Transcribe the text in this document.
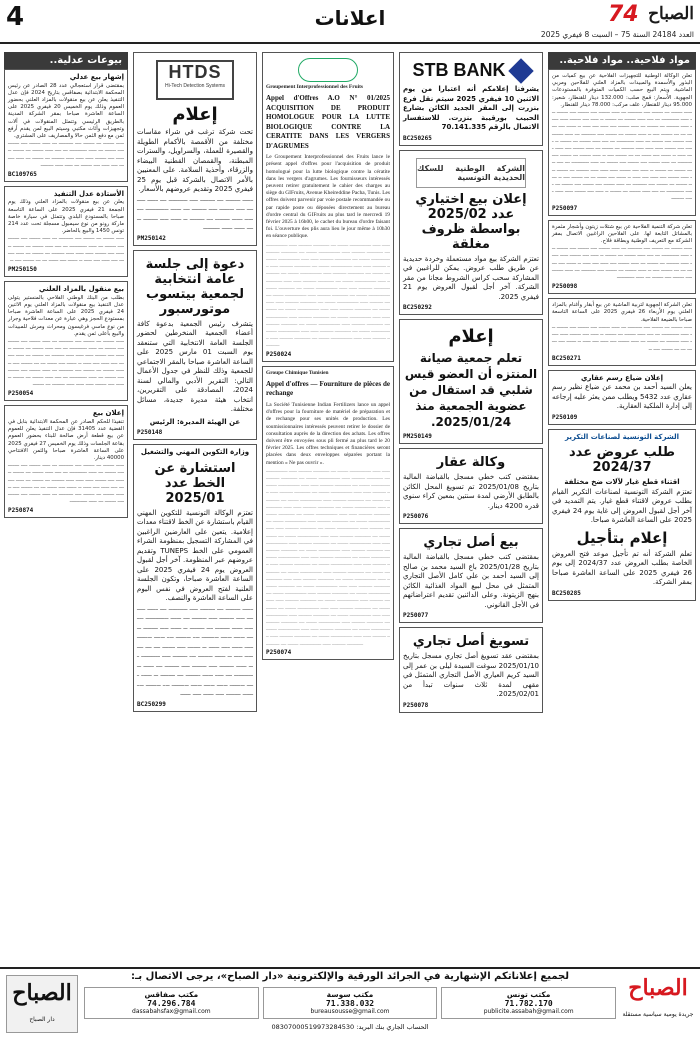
4	اعلانات	74 الصباح
العدد 24184 السنة 75 – السبت 8 فيفري 2025
بيوعات عدلية..
إشهار بيع عدلي
بمقتضى قرار استعجالي عدد 28 الصادر عن رئيس المحكمة الابتدائية بصفاقس بتاريخ 2024 فإن عدل التنفيذ يعلن عن بيع منقولات بالمزاد العلني بحضور العموم وذلك يوم الخميس 20 فيفري 2025 على الساعة العاشرة صباحا بمقر الشركة المدينة بالطريق الرئيسي وتتمثل المنقولات في آلات وتجهيزات وأثاث مكتبي وسيتم البيع لمن يقدم أرفع ثمن مع دفع الثمن حالا والمصاريف على المشتري.
ـــــ ـــــــ ـــ ـــــــ ــــ ـــــــــ ـــ ـــــ ـــــــ ــــ ـــــــ ــــ ـــــــ ـــ ـــــ ـــــــــــ ـــ ــــ ـــــ ـــــــ ـــ ـــــــ ــ ـــــ ــــ ـــــــ ـــــ ـــــ ـــــ ــــــــ ـــ ـــــــ ـــ ـــــ ـــــــ ــــ ـــــ ــــ ـــــــ ـــ ـــــ ـــــ ــــــــ
BC109765
الأستاذة عدل التنفيذ
يعلن عن بيع منقولات بالمزاد العلني وذلك يوم الجمعة 21 فيفري 2025 على الساعة التاسعة صباحا بالمستودع البلدي وتتمثل في سيارة خاصة ماركة رونو من نوع سيمبول مسجلة تحت عدد 214 تونس 1450 والبيع بالحاضر.
ـــــ ـــــــ ـــ ـــــــ ــــ ـــــــــ ـــ ـــــ ـــــــ ــــ ـــــــ ــــ ـــــــ ـــ ـــــ ـــــــــــ ـــ ــــ ـــــ ـــــــ ـــ ـــــــ ــ ـــــ ــــ ـــــــ ـــــ ـــــ ـــــ ــــــــ ـــ ـــــــ ـــ ـــــ ـــــــ ــــ ـــــ ــــ ـــــ ــ ــــــ ــــ ــــــ ـــ ـــ ـــــــ ــــ ــ
PM250150
بيع منقول بالمزاد العلني
بطلب من البنك الوطني الفلاحي بالمنستير يتولى عدل التنفيذ بيع منقولات بالمزاد العلني يوم الاثنين 24 فيفري 2025 على الساعة العاشرة صباحا بمستودع الحجز وهي عبارة عن معدات فلاحية وجرار من نوع ماسي فرغيسون ومحراث ومرش للمبيدات والبيع بأعلى ثمن يقدم.
ـــــ ـــــــ ـــ ـــــــ ــــ ـــــــــ ـــ ـــــ ـــــــ ــــ ـــــــ ــــ ـــــــ ـــ ـــــ ـــــــــــ ـــ ــــ ـــــ ـــــــ ـــ ـــــــ ــ ـــــ ــــ ـــــــ ـــــ ـــــ ـــــ ــــــــ ـــ ـــــــ ـــ ـــــ ـــــــ ــــ ـــــ ــــ ـــــ ــ ــــــ ــــ ــــــ ـــ ـــ ـــــــ ــــ ــ ـــــ ـــــــ ـــ ـــــــ ــــ ـــــــــ ـــ ـــــ ـــــــ ــــ ـــــــ ــــ ـــــــ ـــ ـــــ ـــــــــــ ـــ ــــ ـــــ ـــــــ ـــ ـــــــ ــ ـــــ ــــ ـــــــ ـــــ ـــــ ـــــ ــــــــ ـــ ـــــــ
P250054
إعلان بيع
تنفيذا للحكم الصادر عن المحكمة الابتدائية بنابل في القضية عدد 31405 فإن عدل التنفيذ يعلن للعموم عن بيع قطعة أرض صالحة للبناء بحضور العموم بقاعة الجلسات وذلك يوم الخميس 27 فيفري 2025 على الساعة العاشرة صباحا والثمن الافتتاحي 40000 دينار.
ـــــ ـــــــ ـــ ـــــــ ــــ ـــــــــ ـــ ـــــ ـــــــ ــــ ـــــــ ــــ ـــــــ ـــ ـــــ ـــــــــــ ـــ ــــ ـــــ ـــــــ ـــ ـــــــ ــ ـــــ ــــ ـــــــ ـــــ ـــــ ـــــ ــــــــ ـــ ـــــــ ـــ ـــــ ـــــــ ــــ ـــــ ــــ ـــــ ــ ــــــ ــــ ــــــ ـــ ـــ ـــــــ ــــ ــ ـــــ ـــــــ ـــ ـــــــ ــــ ـــــــــ ـــ ـــــ ـــــــ ــــ ـــــــ ــــ ـــــــ ـــ ـــــ ـــــــــــ
P250874
HTDS
Hi-Tech Detection Systems
إعلام
تحت شركة ترغب في شراء مقاسات مختلفة من الأقمصة بالأكمام الطويلة والقصيرة للعملة، والسراويل، والسترات المبطنة، والقمصان القطنية البيضاء والزرقاء، وأحذية السلامة. على المعنيين بالأمر الاتصال بالشركة قبل يوم 25 فيفري 2025 وتقديم عروضهم بالأسعار.
ـــــ ـــــــ ـــ ـــــــ ــــ ـــــــــ ـــ ـــــ ـــــــ ــــ ـــــــ ــــ ـــــــ ـــ ـــــ ـــــــــــ ـــ ــــ ـــــ ـــــــ ـــ ـــــــ ــ ـــــ ــــ ـــــــ ـــــ ـــــ ـــــ ــــــــ
PM250142
دعوة إلى جلسة عامة انتخابية لجمعية بيتسوب موتورسبور
يتشرف رئيس الجمعية بدعوة كافة أعضاء الجمعية المنخرطين لحضور الجلسة العامة الانتخابية التي ستنعقد يوم السبت 01 مارس 2025 على الساعة العاشرة صباحا بالمقر الاجتماعي للجمعية وذلك للنظر في جدول الأعمال التالي: التقرير الأدبي والمالي لسنة 2024، المصادقة على التقريرين، انتخاب هيئة مديرة جديدة، مسائل مختلفة.
عن الهيئة المديرة: الرئيس
P250148
وزارة التكوين المهني والتشغيل
استشارة عن الخط عدد 2025/01
تعتزم الوكالة التونسية للتكوين المهني القيام باستشارة عن الخط لاقتناء معدات إعلامية. يتعين على العارضين الراغبين في المشاركة التسجيل بمنظومة الشراء العمومي على الخط TUNEPS وتقديم عروضهم عبر المنظومة. آخر أجل لقبول العروض يوم 24 فيفري 2025 على الساعة العاشرة صباحا، وتكون الجلسة العلنية لفتح العروض في نفس اليوم على الساعة العاشرة والنصف.
ـــــ ـــــــ ـــ ـــــــ ــــ ـــــــــ ـــ ـــــ ـــــــ ــــ ـــــــ ــــ ـــــــ ـــ ـــــ ـــــــــــ ـــ ــــ ـــــ ـــــــ ـــ ـــــــ ــ ـــــ ــــ ـــــــ ـــــ ـــــ ـــــ ــــــــ ـــ ـــــــ ـــ ـــــ ـــــــ ــــ ـــــ ــــ ـــــ ــ ــــــ ــــ ــــــ ـــ ـــ ـــــــ ــــ ــ ـــــ ـــــــ ـــ ـــــــ ــــ ـــــــــ ـــ ـــــ ـــــــ ــــ ـــــــ ــــ ـــــــ ـــ ـــــ ـــــــــــ ـــ ــــ ـــــ ـــــــ ـــ ـــــــ ــ ـــــ ــــ ـــــــ ـــــ ـــــ ـــــ ــــــــ ـــ ـــــــ ـــ ـــــ ـــــــ ــــ ـــــ ــــ ـــــ
BC250299
Groupement Interprofessionnel des Fruits
Appel d'Offres A.O N° 01/2025 ACQUISITION DE PRODUIT HOMOLOGUE POUR LA LUTTE BIOLOGIQUE CONTRE LA CERATITE DANS LES VERGERS D'AGRUMES
Le Groupement Interprofessionnel des Fruits lance le présent appel d'offres pour l'acquisition de produit homologué pour la lutte biologique contre la cératite dans les vergers d'agrumes. Les fournisseurs intéressés peuvent retirer gratuitement le cahier des charges au siège du GIFruits, Avenue Kheireddine Pacha, Tunis. Les offres doivent parvenir par voie postale recommandée ou par rapide poste ou déposées directement au bureau d'ordre central du GIFruits au plus tard le mercredi 19 février 2025 à 16h00, le cachet du bureau d'ordre faisant foi. L'ouverture des plis aura lieu le jour même à 10h30 en séance publique.
________ ___ _____ ______ __ ____ ________ ___ ___ _____ ______ __ ____ ________ ___ _____ ______ __ ____ ________ ___ ___ _____ ______ __ ____ ________ ___ _____ ______ __ ____ ________ ___ ___ _____ ______ __ ____ ________ ___ _____ ______ __ ____ ________ ___ ___ _____ ______ __ ____ ________ ___ _____ ______ __ ____ ________ ___ ___ _____ ______ __ ____ ________ ___ _____ ______ __ ____ ________ ___ ___ _____ ______ __ ____ ________ ___ _____ ______ __ ____ ________ ___ ___ _____ ______ __ ____ ________ ___ _____ ______ __ ____ ________ ___ ___ _____ ______ __ ____ ________ ___ _____ ______ __ ____ ________ ___ ___ _____ ______ __ ____ ________ ___ _____ ______ __ ____ ________ ___ ___ _____ ______
P250024
Groupe Chimique Tunisien
Appel d'offres — Fourniture de pièces de rechange
La Société Tunisienne Indian Fertilizers lance un appel d'offres pour la fourniture de matériel de préparation et de rechange pour ses unités de production. Les soumissionnaires intéressés peuvent retirer le dossier de consultation auprès de la direction des achats. Les offres doivent être envoyées sous pli fermé au plus tard le 20 février 2025. Les offres techniques et financières seront placées dans deux enveloppes séparées portant la mention « Ne pas ouvrir ».
________ ___ _____ ______ __ ____ ________ ___ ___ _____ ______ __ ____ ________ ___ _____ ______ __ ____ ________ ___ ___ _____ ______ __ ____ ________ ___ _____ ______ __ ____ ________ ___ ___ _____ ______ __ ____ ________ ___ _____ ______ __ ____ ________ ___ ___ _____ ______ __ ____ ________ ___ _____ ______ __ ____ ________ ___ ___ _____ ______ __ ____ ________ ___ _____ ______ __ ____ ________ ___ ___ _____ ______ __ ____ ________ ___ _____ ______ __ ____ ________ ___ ___ _____ ______ __ ____ ________ ___ _____ ______ __ ____ ________ ___ ___ _____ ______ __ ____ ________ ___ _____ ______ __ ____ ________ ___ ___ _____ ______ __ ____ ________ ___ _____ ______ __ ____ ________ ___ ___ _____ ______ __ ____ ________ ___ _____ ______ __ ____ ________ ___ ___ _____ ______ __ ____ ________ ___ _____ ______ __ ____ ________ ___ ___ _____ ______ __ ____ ________ ___ _____ ______ __ ____ ________ ___ ___ _____ ______ __ ____ ________ ___ _____ ______ __ ____ ________ ___ ___ _____ ______ __ ____ ________ ___ _____ ______ __ ____ ________ ___ ___ _____ ______ __ ____ ________ ___ _____ ______ __ ____ ________ ___ ___ _____ ______ __ ____ ________ ___ _____ ______ __ ____ ________ ___ ___ _____ ______ __ ____ ________ ___ _____ ______
P250074
STB BANK
يشرفنا إعلامكم أنه اعتبارا من يوم الاثنين 10 فيفري 2025 سيتم نقل فرع بنزرت إلى المقر الجديد الكائن بشارع الحبيب بورقيبة بنزرت. للاستفسار الاتصال بالرقم 70.141.335
BC250265
الشركة الوطنية للسكك الحديدية التونسية
إعلان بيع اختياري عدد 2025/02 بواسطة ظروف مغلقة
تعتزم الشركة بيع مواد مستعملة وخردة حديدية عن طريق طلب عروض. يمكن للراغبين في المشاركة سحب كراس الشروط مجانا من مقر الشركة. آخر أجل لقبول العروض يوم 21 فيفري 2025.
BC250292
إعلام
تعلم جمعية صيانة المنتزه أن العضو قيس شلبي قد استقال من عضوية الجمعية منذ 2025/01/24.
PM250149
وكالة عقار
بمقتضى كتب خطي مسجل بالقباضة المالية بتاريخ 2025/01/08 تم تسويغ المحل الكائن بالطابق الأرضي لمدة سنتين بمعين كراء سنوي قدره 4200 دينار.
P250076
بيع أصل تجاري
بمقتضى كتب خطي مسجل بالقباضة المالية بتاريخ 2025/01/28 باع السيد محمد بن صالح إلى السيد أحمد بن علي كامل الأصل التجاري المتمثل في محل لبيع المواد الغذائية الكائن بنهج الزيتونة. وعلى الدائنين تقديم اعتراضاتهم في الأجل القانوني.
P250077
تسويغ أصل تجاري
بمقتضى عقد تسويغ أصل تجاري مسجل بتاريخ 2025/01/10 سوغت السيدة ليلى بن عمر إلى السيد كريم العياري الأصل التجاري المتمثل في مقهى لمدة ثلاث سنوات تبدأ من 2025/02/01.
P250078
مواد فلاحية.. مواد فلاحية..
تعلن الوكالة الوطنية للتجهيزات الفلاحية عن بيع كميات من البذور والأسمدة والمبيدات بالمزاد العلني للفلاحين ومربي الماشية. ويتم البيع حسب الكميات المتوفرة بالمستودعات الجهوية. الأسعار: قمح صلب: 132.000 دينار للقنطار، شعير: 95.000 دينار للقنطار، علف مركب: 78.000 دينار للقنطار.
ـــــ ـــــــ ـــ ـــــــ ــــ ـــــــــ ـــ ـــــ ـــــــ ــــ ـــــــ ــــ ـــــــ ـــ ـــــ ـــــــــــ ـــ ــــ ـــــ ـــــــ ـــ ـــــــ ــ ـــــ ــــ ـــــــ ـــــ ـــــ ـــــ ــــــــ ـــ ـــــــ ـــ ـــــ ـــــــ ــــ ـــــ ــــ ـــــ ــ ــــــ ــــ ــــــ ـــ ـــ ـــــــ ــــ ــ ـــــ ـــــــ ـــ ـــــــ ــــ ـــــــــ ـــ ـــــ ـــــــ ــــ ـــــــ ــــ ـــــــ ـــ ـــــ ـــــــــــ ـــ ــــ ـــــ ـــــــ ـــ ـــــــ ــ ـــــ ــــ ـــــــ ـــــ ـــــ ـــــ ــــــــ ـــ ـــــــ ـــ ـــــ ـــــــ ــــ ـــــ ــــ ـــــ ــ ــــــ ــــ ــــــ ـــ ـــ ـــــــ ــــ ــ ـــــ ـــــــ ـــ ـــــــ ــــ ـــــــــ ـــ ـــــ ـــــــ ــــ ـــــــ ــــ ـــــــ ـــ ـــــ ـــــــــــ ـــ ــــ ـــــ ـــــــ ـــ ـــــــ ــ ـــــ ــــ ـــــــ ـــــ ـــــ ـــــ ــــــــ ـــ ـــــــ ـــ ـــــ ـــــــ ــــ ـــــ ــــ ـــــ ــ ــــــ ــــ ــــــ ـــ ـــ ـــــــ ــــ ــ ـــــ ـــــــ ـــ ـــــــ ــــ ـــــــــ ـــ ـــــ ـــــــ ــــ ـــــــ ــــ ـــــــ ـــ ـــــ ـــــــــــ ـــ ــــ ـــــ ـــــــ ـــ ـــــــ ــ ـــــ ــــ ـــــــ ـــــ ـــــ ـــــ ــــــــ
P250097
تعلن شركة التنمية الفلاحية عن بيع شتلات زيتون وأشجار مثمرة بالمشاتل التابعة لها. على الفلاحين الراغبين الاتصال بمقر الشركة مع التعريف الوطنية وبطاقة فلاح.
ـــــ ـــــــ ـــ ـــــــ ــــ ـــــــــ ـــ ـــــ ـــــــ ــــ ـــــــ ــــ ـــــــ ـــ ـــــ ـــــــــــ ـــ ــــ ـــــ ـــــــ ـــ ـــــــ ــ ـــــ ــــ ـــــــ ـــــ ـــــ ـــــ ــــــــ ـــ ـــــــ ـــ ـــــ ـــــــ ــــ ـــــ ــــ ـــــ ــ ــــــ ــــ ــــــ ـــ ـــ ـــــــ ــــ ــ ـــــ ـــــــ ـــ ـــــــ ــــ ـــــــــ ـــ ـــــ ـــــــ ــــ ـــــــ ــــ ـــــــ ـــ ـــــ ـــــــــــ
P250098
تعلن الشركة الجهوية لتربية الماشية عن بيع أبقار وأغنام بالمزاد العلني يوم الأربعاء 26 فيفري 2025 على الساعة التاسعة صباحا بالضيعة الفلاحية.
ـــــ ـــــــ ـــ ـــــــ ــــ ـــــــــ ـــ ـــــ ـــــــ ــــ ـــــــ ــــ ـــــــ ـــ ـــــ ـــــــــــ ـــ ــــ ـــــ ـــــــ ـــ ـــــــ ــ ـــــ ــــ ـــــــ ـــــ ـــــ ـــــ ــــــــ ـــ ـــــــ ـــ ـــــ ـــــــ ــــ ـــــ ــــ ـــــ ــ ــــــ ــــ ــــــ ـــ ـــ ـــــــ ــــ ــ
BC250271
إعلان ضياع رسم عقاري
يعلن السيد أحمد بن محمد عن ضياع نظير رسم عقاري عدد 5432 ويطلب ممن يعثر عليه إرجاعه إلى إدارة الملكية العقارية.
P250109
الشركة التونسية لصناعات التكرير
طلب عروض عدد 2024/37
اقتناء قطع غيار لآلات ضخ مختلفة
تعتزم الشركة التونسية لصناعات التكرير القيام بطلب عروض لاقتناء قطع غيار. يتم التمديد في آخر أجل لقبول العروض إلى غاية يوم 24 فيفري 2025 على الساعة العاشرة صباحا.
إعلام بتأجيل
تعلم الشركة أنه تم تأجيل موعد فتح العروض الخاصة بطلب العروض عدد 2024/37 إلى يوم 26 فيفري 2025 على الساعة العاشرة صباحا بمقر الشركة.
BC250285
الصباح
دار الصباح
لجميع إعلاناتكم الإشهارية في الجرائد الورقية والإلكترونية «دار الصباح»، يرجى الاتصال بـ:
مكتب تونس
71.782.170
publicite.assabah@gmail.com
مكتب سوسة
71.338.032
bureausousse@gmail.com
مكتب صفاقس
74.296.784
dassabahsfax@gmail.com
الحساب الجاري بنك البريد: 08307000519973284530
الصباح
جريدة يومية سياسية مستقلة
